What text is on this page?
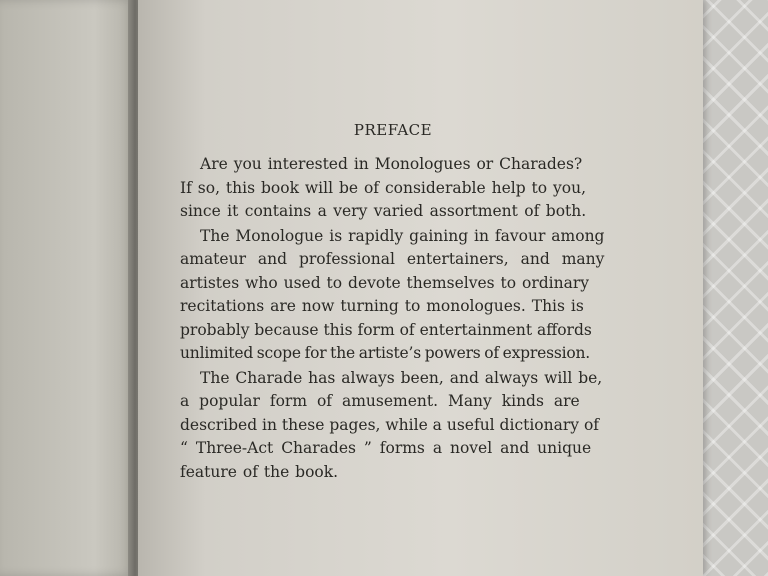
PREFACE
Are you interested in Monologues or Charades?
If so, this book will be of considerable help to you,
since it contains a very varied assortment of both.
The Monologue is rapidly gaining in favour among
amateur and professional entertainers, and many
artistes who used to devote themselves to ordinary
recitations are now turning to monologues. This is
probably because this form of entertainment affords
unlimited scope for the artiste’s powers of expression.
The Charade has always been, and always will be,
a popular form of amusement. Many kinds are
described in these pages, while a useful dictionary of
“ Three-Act Charades ” forms a novel and unique
feature of the book.
